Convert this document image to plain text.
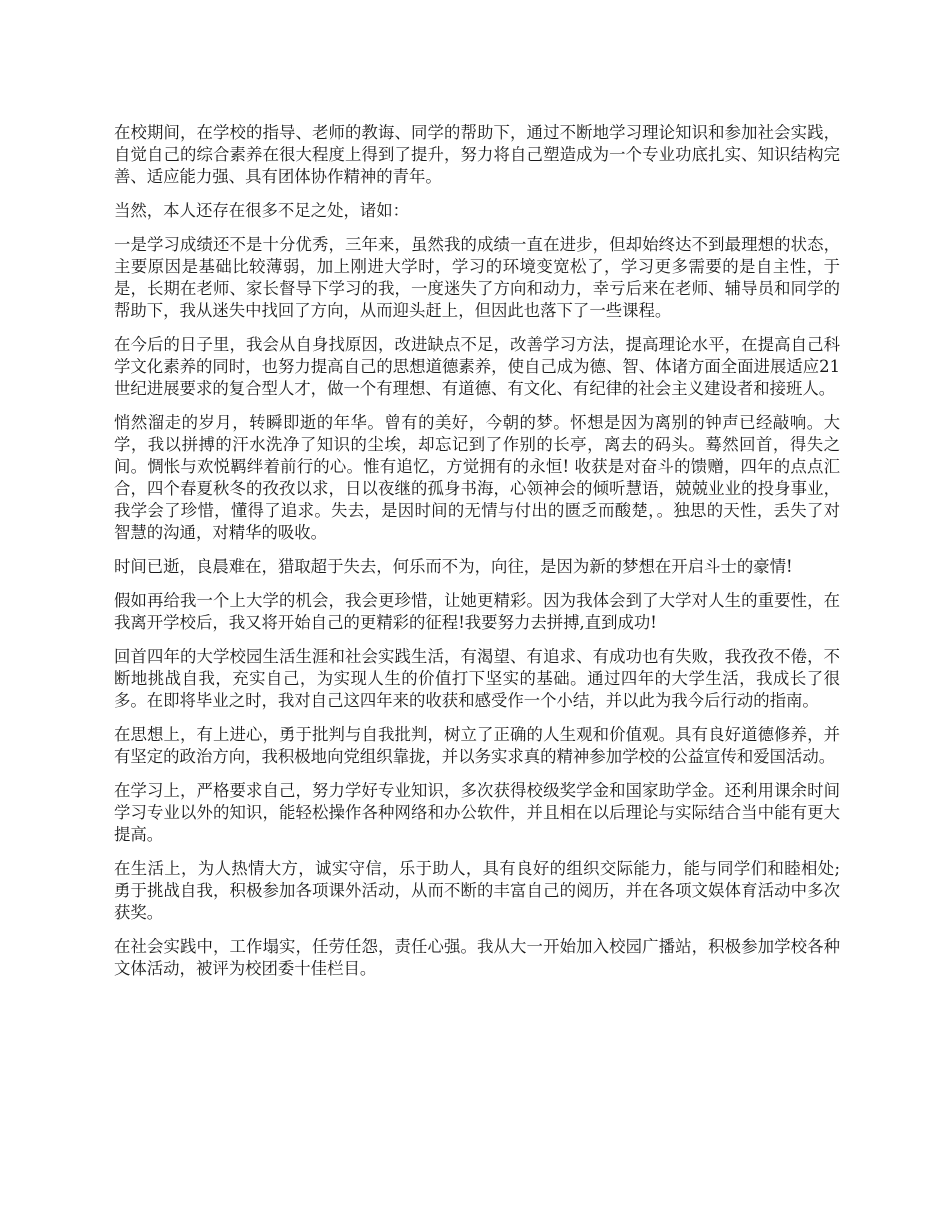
在校期间，在学校的指导、老师的教诲、同学的帮助下，通过不断地学习理论知识和参加社会实践，自觉自己的综合素养在很大程度上得到了提升，努力将自己塑造成为一个专业功底扎实、知识结构完善、适应能力强、具有团体协作精神的青年。

当然，本人还存在很多不足之处，诸如：

一是学习成绩还不是十分优秀，三年来，虽然我的成绩一直在进步，但却始终达不到最理想的状态，主要原因是基础比较薄弱，加上刚进大学时，学习的环境变宽松了，学习更多需要的是自主性，于是，长期在老师、家长督导下学习的我，一度迷失了方向和动力，幸亏后来在老师、辅导员和同学的帮助下，我从迷失中找回了方向，从而迎头赶上，但因此也落下了一些课程。

在今后的日子里，我会从自身找原因，改进缺点不足，改善学习方法，提高理论水平，在提高自己科学文化素养的同时，也努力提高自己的思想道德素养，使自己成为德、智、体诸方面全面进展适应21世纪进展要求的复合型人才，做一个有理想、有道德、有文化、有纪律的社会主义建设者和接班人。

悄然溜走的岁月，转瞬即逝的年华。曾有的美好，今朝的梦。怀想是因为离别的钟声已经敲响。大学，我以拼搏的汗水洗净了知识的尘埃，却忘记到了作别的长亭，离去的码头。蓦然回首，得失之间。惆怅与欢悦羁绊着前行的心。惟有追忆，方觉拥有的永恒! 收获是对奋斗的馈赠，四年的点点汇合，四个春夏秋冬的孜孜以求，日以夜继的孤身书海，心领神会的倾听慧语，兢兢业业的投身事业，我学会了珍惜，懂得了追求。失去，是因时间的无情与付出的匮乏而酸楚，。独思的天性，丢失了对智慧的沟通，对精华的吸收。

时间已逝，良晨难在，猎取超于失去，何乐而不为，向往，是因为新的梦想在开启斗士的豪情!

假如再给我一个上大学的机会，我会更珍惜，让她更精彩。因为我体会到了大学对人生的重要性，在我离开学校后，我又将开始自己的更精彩的征程!我要努力去拼搏,直到成功!

回首四年的大学校园生活生涯和社会实践生活，有渴望、有追求、有成功也有失败，我孜孜不倦，不断地挑战自我，充实自己，为实现人生的价值打下坚实的基础。通过四年的大学生活，我成长了很多。在即将毕业之时，我对自己这四年来的收获和感受作一个小结，并以此为我今后行动的指南。

在思想上，有上进心，勇于批判与自我批判，树立了正确的人生观和价值观。具有良好道德修养，并有坚定的政治方向，我积极地向党组织靠拢，并以务实求真的精神参加学校的公益宣传和爱国活动。

在学习上，严格要求自己，努力学好专业知识，多次获得校级奖学金和国家助学金。还利用课余时间学习专业以外的知识，能轻松操作各种网络和办公软件，并且相在以后理论与实际结合当中能有更大提高。

在生活上，为人热情大方，诚实守信，乐于助人，具有良好的组织交际能力，能与同学们和睦相处;勇于挑战自我，积极参加各项课外活动，从而不断的丰富自己的阅历，并在各项文娱体育活动中多次获奖。

在社会实践中，工作塌实，任劳任怨，责任心强。我从大一开始加入校园广播站，积极参加学校各种文体活动，被评为校团委十佳栏目。
